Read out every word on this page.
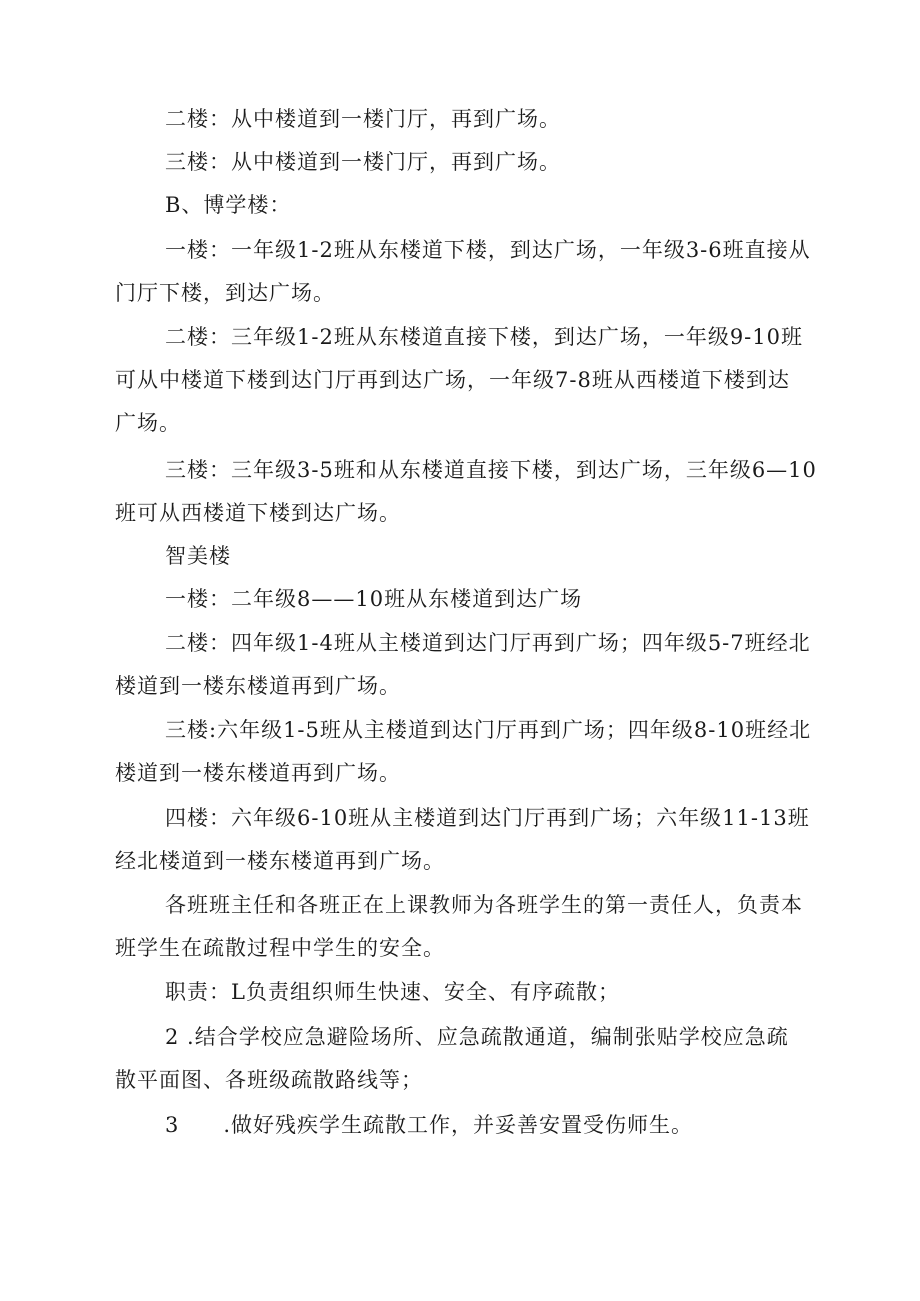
二楼：从中楼道到一楼门厅，再到广场。
三楼：从中楼道到一楼门厅，再到广场。
B、博学楼：
一楼：一年级1-2班从东楼道下楼，到达广场，一年级3-6班直接从
门厅下楼，到达广场。
二楼：三年级1-2班从东楼道直接下楼，到达广场，一年级9-10班
可从中楼道下楼到达门厅再到达广场，一年级7-8班从西楼道下楼到达
广场。
三楼：三年级3-5班和从东楼道直接下楼，到达广场，三年级6—10
班可从西楼道下楼到达广场。
智美楼
一楼：二年级8——10班从东楼道到达广场
二楼：四年级1-4班从主楼道到达门厅再到广场；四年级5-7班经北
楼道到一楼东楼道再到广场。
三楼:六年级1-5班从主楼道到达门厅再到广场；四年级8-10班经北
楼道到一楼东楼道再到广场。
四楼：六年级6-10班从主楼道到达门厅再到广场；六年级11-13班
经北楼道到一楼东楼道再到广场。
各班班主任和各班正在上课教师为各班学生的第一责任人，负责本
班学生在疏散过程中学生的安全。
职责：L负责组织师生快速、安全、有序疏散；
2 .结合学校应急避险场所、应急疏散通道，编制张贴学校应急疏
散平面图、各班级疏散路线等；
3　　.做好残疾学生疏散工作，并妥善安置受伤师生。
